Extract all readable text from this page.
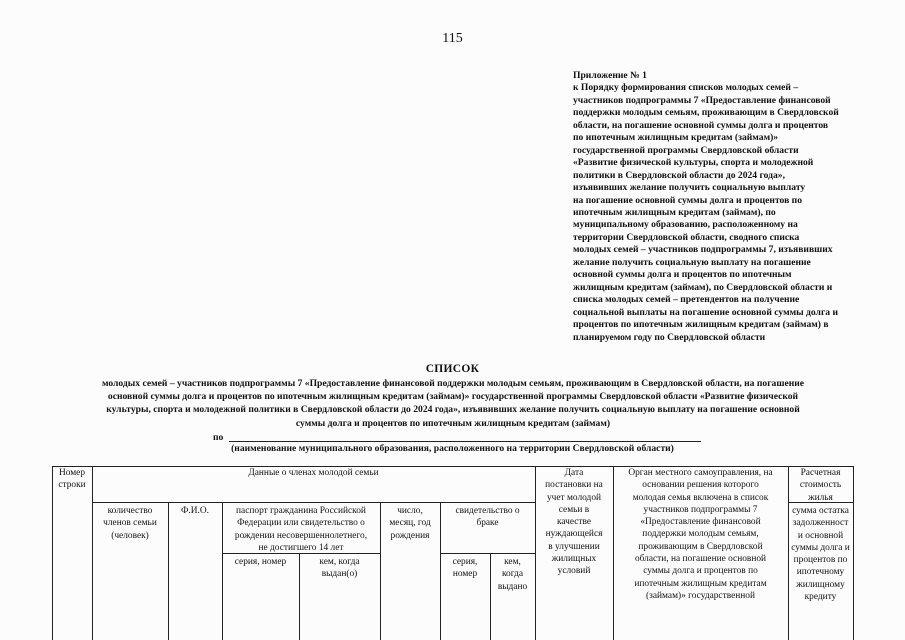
115
Приложение № 1
к Порядку формирования списков молодых семей –
участников подпрограммы 7 «Предоставление финансовой
поддержки молодым семьям, проживающим в Свердловской
области, на погашение основной суммы долга и процентов
по ипотечным жилищным кредитам (займам)»
государственной программы Свердловской области
«Развитие физической культуры, спорта и молодежной
политики в Свердловской области до 2024 года»,
изъявивших желание получить социальную выплату
на погашение основной суммы долга и процентов по
ипотечным жилищным кредитам (займам), по
муниципальному образованию, расположенному на
территории Свердловской области, сводного списка
молодых семей – участников подпрограммы 7, изъявивших
желание получить социальную выплату на погашение
основной суммы долга и процентов по ипотечным
жилищным кредитам (займам), по Свердловской области и
списка молодых семей – претендентов на получение
социальной выплаты на погашение основной суммы долга и
процентов по ипотечным жилищным кредитам (займам) в
планируемом году по Свердловской области
СПИСОК
молодых семей – участников подпрограммы 7 «Предоставление финансовой поддержки молодым семьям, проживающим в Свердловской области, на погашение
основной суммы долга и процентов по ипотечным жилищным кредитам (займам)» государственной программы Свердловской области «Развитие физической
культуры, спорта и молодежной политики в Свердловской области до 2024 года», изъявивших желание получить социальную выплату на погашение основной
суммы долга и процентов по ипотечным жилищным кредитам (займам)
по
(наименование муниципального образования, расположенного на территории Свердловской области)
Номер
строки
Данные о членах молодой семьи
количество
членов семьи
(человек)
Ф.И.О.	паспорт гражданина Российской
Федерации или свидетельство о
рождении несовершеннолетнего,
не достигшего 14 лет
серия, номер	кем, когда
выдан(о)
число,
месяц, год
рождения
свидетельство о
браке
серия,
номер
кем,
когда
выдано
Дата
постановки на
учет молодой
семьи в
качестве
нуждающейся
в улучшении
жилищных
условий
Орган местного самоуправления, на
основании решения которого
молодая семья включена в список
участников подпрограммы 7
«Предоставление финансовой
поддержки молодым семьям,
проживающим в Свердловской
области, на погашение основной
суммы долга и процентов по
ипотечным жилищным кредитам
(займам)» государственной
Расчетная
стоимость
жилья
сумма остатка
задолженност
и основной
суммы долга и
процентов по
ипотечному
жилищному
кредиту
